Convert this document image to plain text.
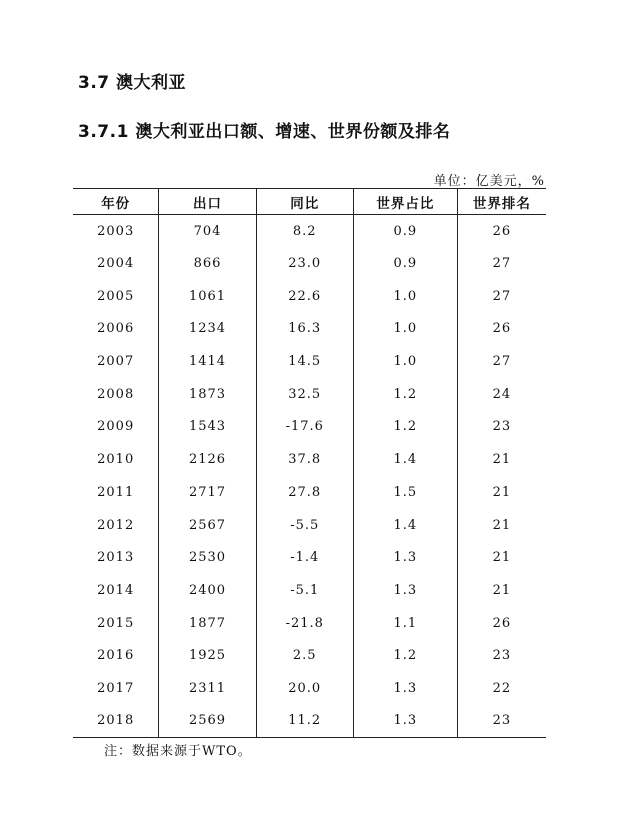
3.7 澳大利亚
3.7.1 澳大利亚出口额、增速、世界份额及排名
单位：亿美元，%
年份	出口	同比	世界占比	世界排名
2003	704	8.2	0.9	26
2004	866	23.0	0.9	27
2005	1061	22.6	1.0	27
2006	1234	16.3	1.0	26
2007	1414	14.5	1.0	27
2008	1873	32.5	1.2	24
2009	1543	-17.6	1.2	23
2010	2126	37.8	1.4	21
2011	2717	27.8	1.5	21
2012	2567	-5.5	1.4	21
2013	2530	-1.4	1.3	21
2014	2400	-5.1	1.3	21
2015	1877	-21.8	1.1	26
2016	1925	2.5	1.2	23
2017	2311	20.0	1.3	22
2018	2569	11.2	1.3	23
注：数据来源于WTO。
